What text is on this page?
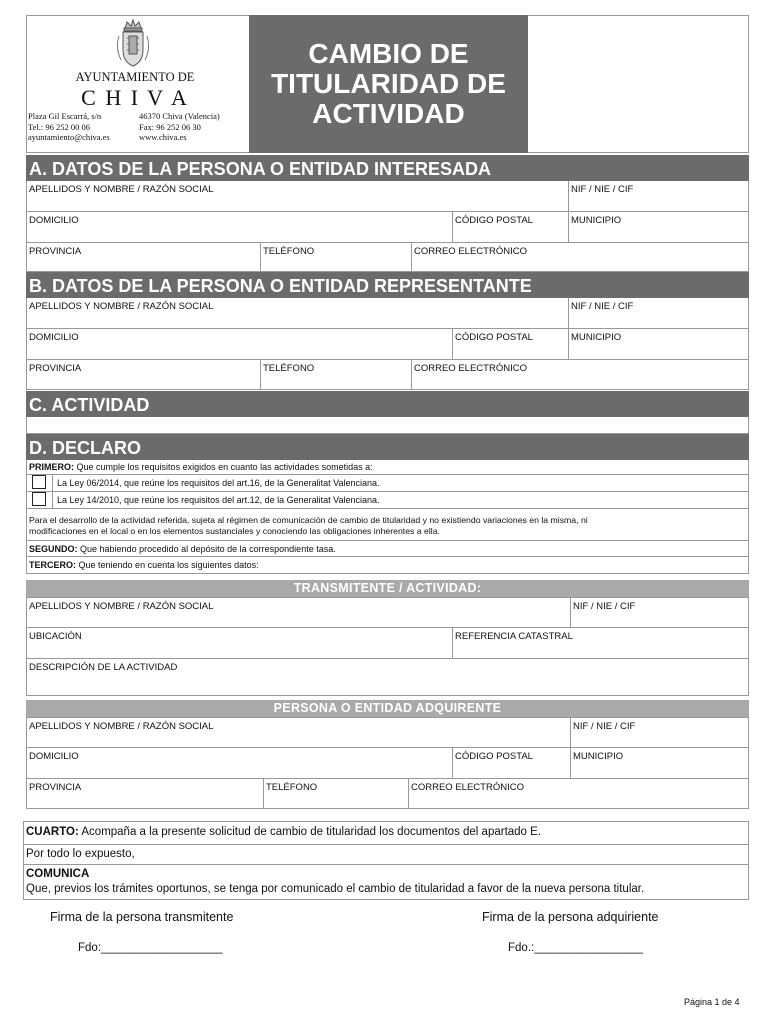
AYUNTAMIENTO DE
C H I V A
Plaza Gil Escarrá, s/n
Tel.: 96 252 00 06
ayuntamiento@chiva.es
46370 Chiva (Valencia)
Fax: 96 252 06 30
www.chiva.es
CAMBIO DE
TITULARIDAD DE
ACTIVIDAD
A. DATOS DE LA PERSONA O ENTIDAD INTERESADA
APELLIDOS Y NOMBRE / RAZÓN SOCIAL	NIF / NIE / CIF
DOMICILIO	CÓDIGO POSTAL	MUNICIPIO
PROVINCIA	TELÉFONO	CORREO ELECTRÓNICO
B. DATOS DE LA PERSONA O ENTIDAD REPRESENTANTE
APELLIDOS Y NOMBRE / RAZÓN SOCIAL	NIF / NIE / CIF
DOMICILIO	CÓDIGO POSTAL	MUNICIPIO
PROVINCIA	TELÉFONO	CORREO ELECTRÓNICO
C. ACTIVIDAD
D. DECLARO
PRIMERO: Que cumple los requisitos exigidos en cuanto las actividades sometidas a:
La Ley 06/2014, que reúne los requisitos del art.16, de la Generalitat Valenciana.
La Ley 14/2010, que reúne los requisitos del art.12, de la Generalitat Valenciana.
Para el desarrollo de la actividad referida, sujeta al régimen de comunicación de cambio de titularidad y no existiendo variaciones en la misma, ni
modificaciones en el local o en los elementos sustanciales y conociendo las obligaciones inherentes a ella.
SEGUNDO: Que habiendo procedido al depósito de la correspondiente tasa.
TERCERO: Que teniendo en cuenta los siguientes datos:
TRANSMITENTE / ACTIVIDAD:
APELLIDOS Y NOMBRE / RAZÓN SOCIAL	NIF / NIE / CIF
UBICACIÓN	REFERENCIA CATASTRAL
DESCRIPCIÓN DE LA ACTIVIDAD
PERSONA O ENTIDAD ADQUIRENTE
APELLIDOS Y NOMBRE / RAZÓN SOCIAL	NIF / NIE / CIF
DOMICILIO	CÓDIGO POSTAL	MUNICIPIO
PROVINCIA	TELÉFONO	CORREO ELECTRÓNICO
CUARTO: Acompaña a la presente solicitud de cambio de titularidad los documentos del apartado E.
Por todo lo expuesto,
COMUNICA
Que, previos los trámites oportunos, se tenga por comunicado el cambio de titularidad a favor de la nueva persona titular.
Firma de la persona transmitente
Fdo:___________________
Firma de la persona adquiriente
Fdo.:_________________
Página 1 de 4
